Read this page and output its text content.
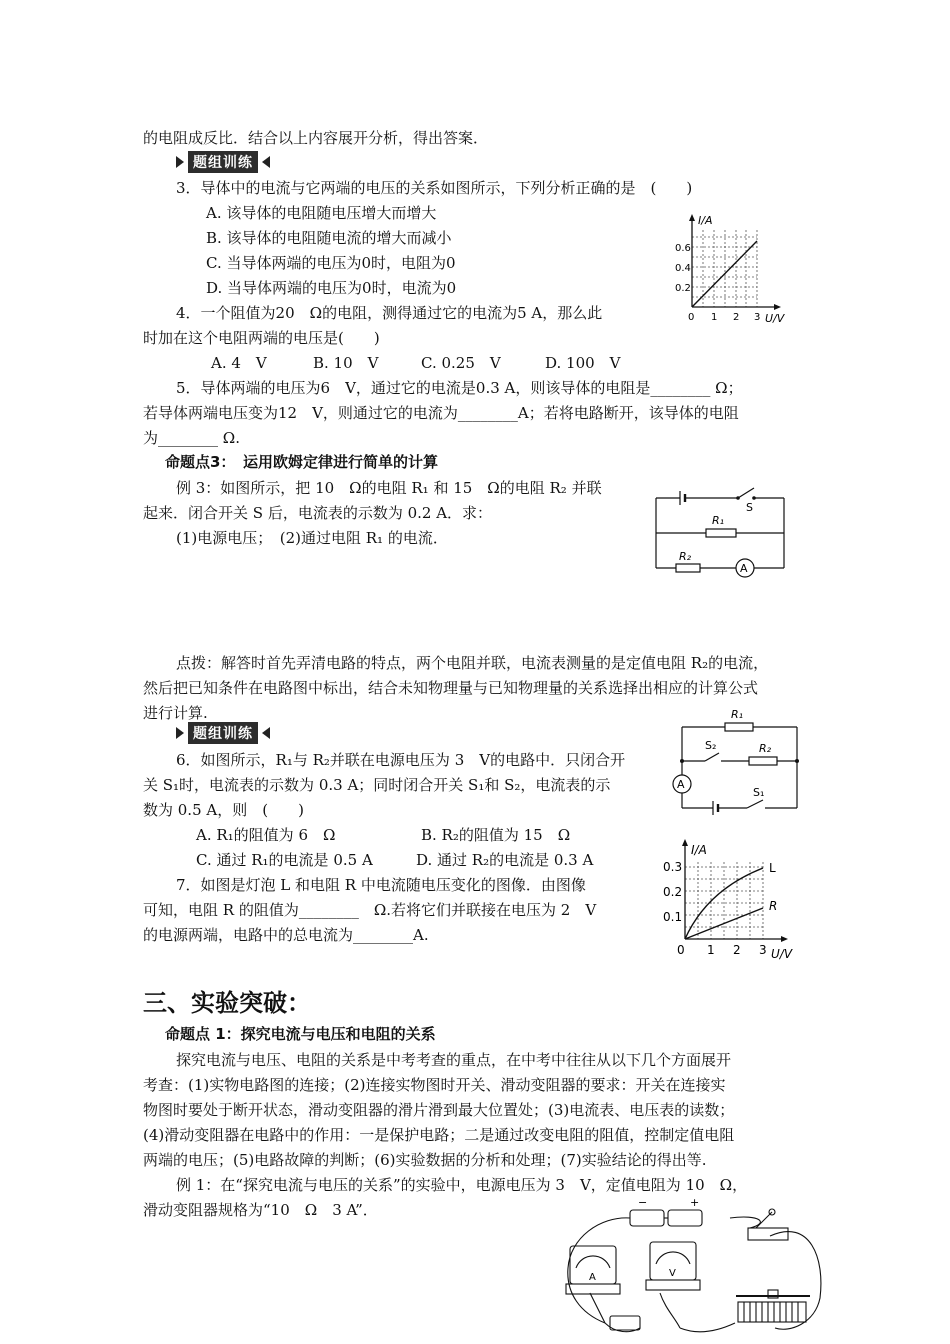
的电阻成反比．结合以上内容展开分析，得出答案．
题组训练
3．导体中的电流与它两端的电压的关系如图所示，下列分析正确的是　(　　)
A. 该导体的电阻随电压增大而增大
B. 该导体的电阻随电流的增大而减小
C. 当导体两端的电压为0时，电阻为0
D. 当导体两端的电压为0时，电流为0
I/A
0.6
0.4
0.2
0 1 2 3 U/V
4．一个阻值为20　Ω的电阻，测得通过它的电流为5 A，那么此
时加在这个电阻两端的电压是(　　)
A. 4　V	B. 10　V	C. 0.25　V	D. 100　V
5．导体两端的电压为6　V，通过它的电流是0.3 A，则该导体的电阻是________ Ω；
若导体两端电压变为12　V，则通过它的电流为________A；若将电路断开，该导体的电阻
为________ Ω.
命题点3：　运用欧姆定律进行简单的计算
例 3：如图所示，把 10　Ω的电阻 R₁ 和 15　Ω的电阻 R₂ 并联
起来．闭合开关 S 后，电流表的示数为 0.2 A．求：
(1)电源电压；　(2)通过电阻 R₁ 的电流．
S
R₁
R₂
A
点拨：解答时首先弄清电路的特点，两个电阻并联，电流表测量的是定值电阻 R₂的电流，
然后把已知条件在电路图中标出，结合未知物理量与已知物理量的关系选择出相应的计算公式
进行计算.
题组训练
6．如图所示，R₁与 R₂并联在电源电压为 3　V的电路中．只闭合开
关 S₁时，电流表的示数为 0.3 A；同时闭合开关 S₁和 S₂，电流表的示
数为 0.5 A，则　(　　)
A. R₁的阻值为 6　Ω	B. R₂的阻值为 15　Ω
C. 通过 R₁的电流是 0.5 A	D. 通过 R₂的电流是 0.3 A
R₁
R₂
S₂
S₁
A
7．如图是灯泡 L 和电阻 R 中电流随电压变化的图像．由图像
可知，电阻 R 的阻值为________　Ω.若将它们并联接在电压为 2　V
的电源两端，电路中的总电流为________A.
I/A
0.3
0.2
0.1
0 1 2 3 U/V
L
R
三、实验突破：
命题点 1：探究电流与电压和电阻的关系
探究电流与电压、电阻的关系是中考考查的重点，在中考中往往从以下几个方面展开
考查：(1)实物电路图的连接；(2)连接实物图时开关、滑动变阻器的要求：开关在连接实
物图时要处于断开状态，滑动变阻器的滑片滑到最大位置处；(3)电流表、电压表的读数；
(4)滑动变阻器在电路中的作用：一是保护电路；二是通过改变电阻的阻值，控制定值电阻
两端的电压；(5)电路故障的判断；(6)实验数据的分析和处理；(7)实验结论的得出等.
例 1：在“探究电流与电压的关系”的实验中，电源电压为 3　V，定值电阻为 10　Ω，
滑动变阻器规格为“10　Ω　3 A”．	−	+
A	V
